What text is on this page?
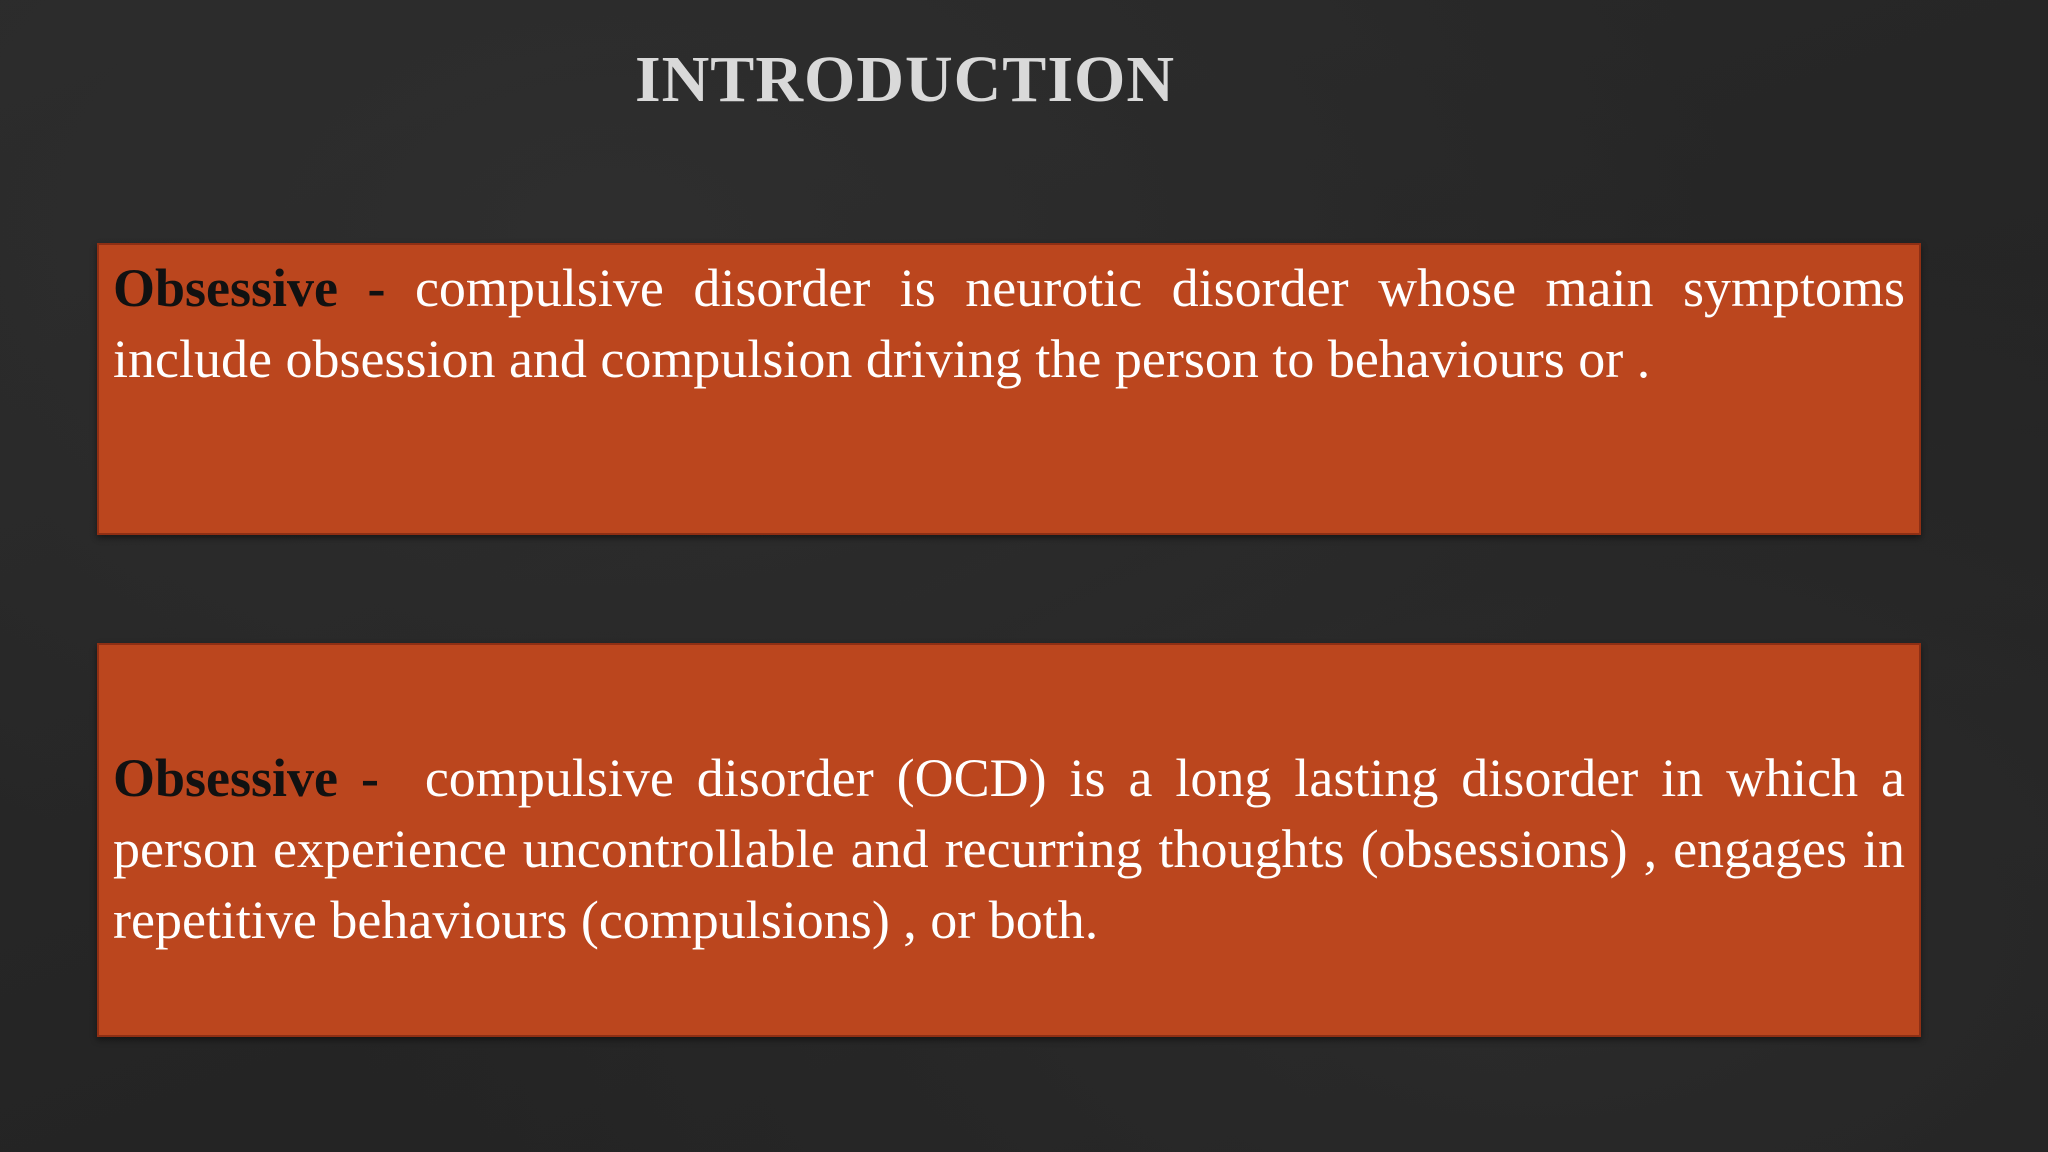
INTRODUCTION

Obsessive - compulsive disorder is neurotic disorder whose main symptoms include obsession and compulsion driving the person to behaviours or .

Obsessive - compulsive disorder (OCD) is a long lasting disorder in which a person experience uncontrollable and recurring thoughts (obsessions) , engages in repetitive behaviours (compulsions) , or both.
